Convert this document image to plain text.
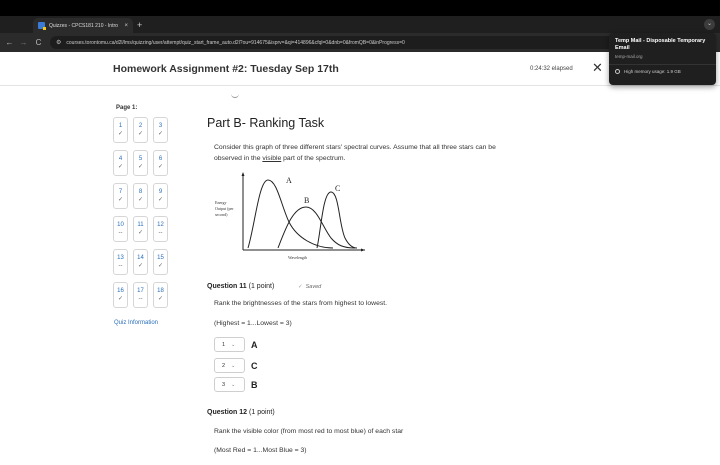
Quizzes - CPCS181 210 - Intro	× +	⌄
← →	C	⚙ courses.torontomu.ca/d2l/lms/quizzing/user/attempt/quiz_start_frame_auto.d2l?ou=914675&isprv=&qi=414896&cfql=0&dnb=0&fromQB=0&inProgress=0	Temp Mail - Disposable Temporary Email
temp-mail.org
High memory usage: 1.9 GB
Homework Assignment #2: Tuesday Sep 17th	0:24:32 elapsed ✕
Page 1:
1
✓
2
✓
3
✓
4
✓
5
✓
6
✓
7
✓
8
✓
9
✓
10
--
11
✓
12
--
13
--
14
✓
15
✓
16
✓
17
--
18
✓
Quiz Information
Part B- Ranking Task
Consider this graph of three different stars' spectral curves. Assume that all three stars can be observed in the visible part of the spectrum.
Energy
Output (per
second)
A
B
C
Wavelength
Question 11 (1 point)	✓ Saved
Rank the brightnesses of the stars from highest to lowest.
(Highest = 1...Lowest = 3)
1 ⌄ A
2 ⌄ C
3 ⌄ B
Question 12 (1 point)
Rank the visible color (from most red to most blue) of each star
(Most Red = 1...Most Blue = 3)
